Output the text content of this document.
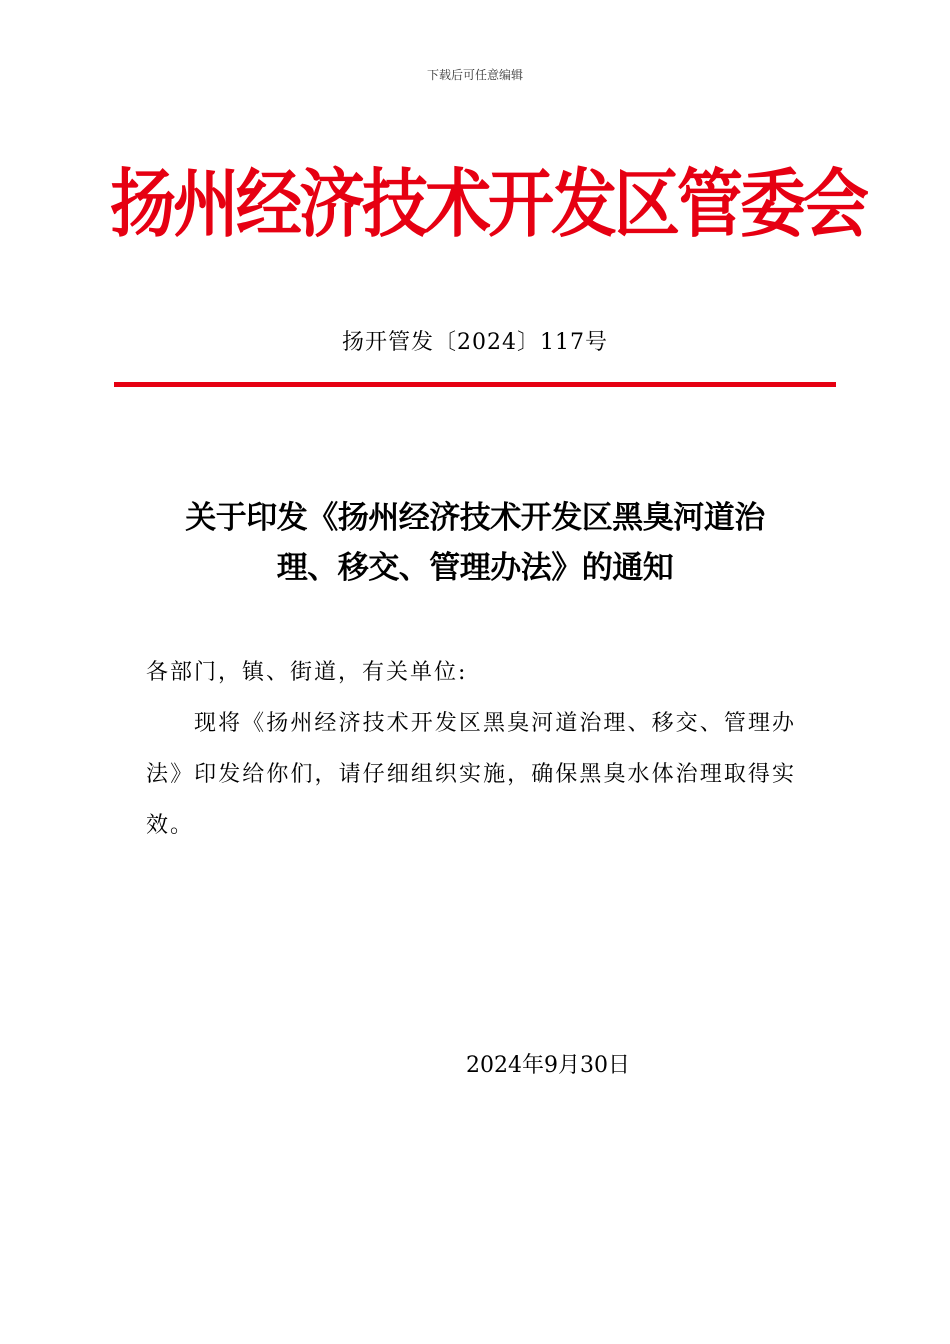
下载后可任意编辑
扬州经济技术开发区管委会
扬开管发〔2024〕117号
关于印发《扬州经济技术开发区黑臭河道治
理、移交、管理办法》的通知
各部门，镇、街道，有关单位:
现将《扬州经济技术开发区黑臭河道治理、移交、管理办法》印发给你们，请仔细组织实施，确保黑臭水体治理取得实效。
2024年9月30日
